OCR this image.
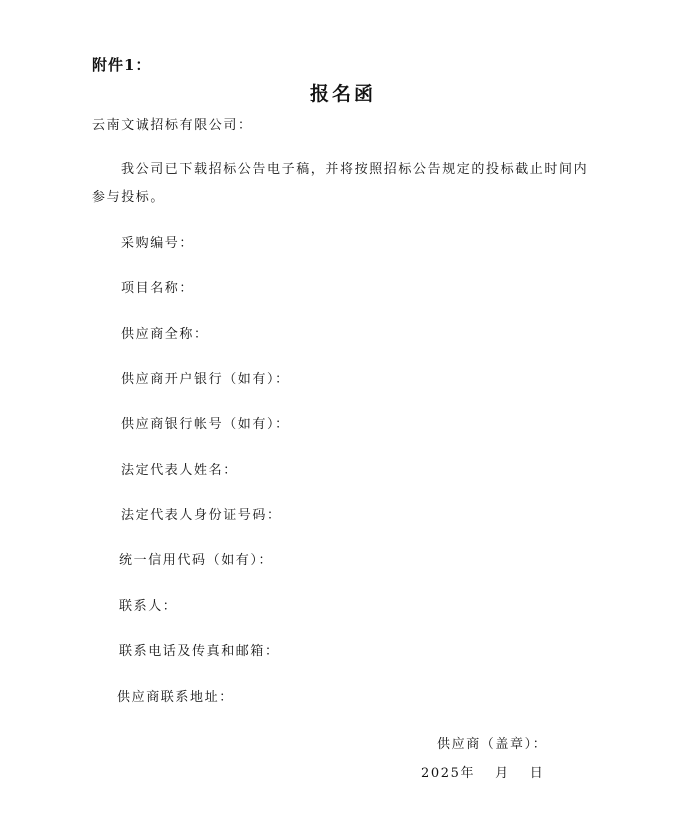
附件1：
报名函
云南文诚招标有限公司：
我公司已下载招标公告电子稿，并将按照招标公告规定的投标截止时间内参与投标。
采购编号：
项目名称：
供应商全称：
供应商开户银行（如有）：
供应商银行帐号（如有）：
法定代表人姓名：
法定代表人身份证号码：
统一信用代码（如有）：
联系人：
联系电话及传真和邮箱：
供应商联系地址：
供应商（盖章）：
2025年 月 日
